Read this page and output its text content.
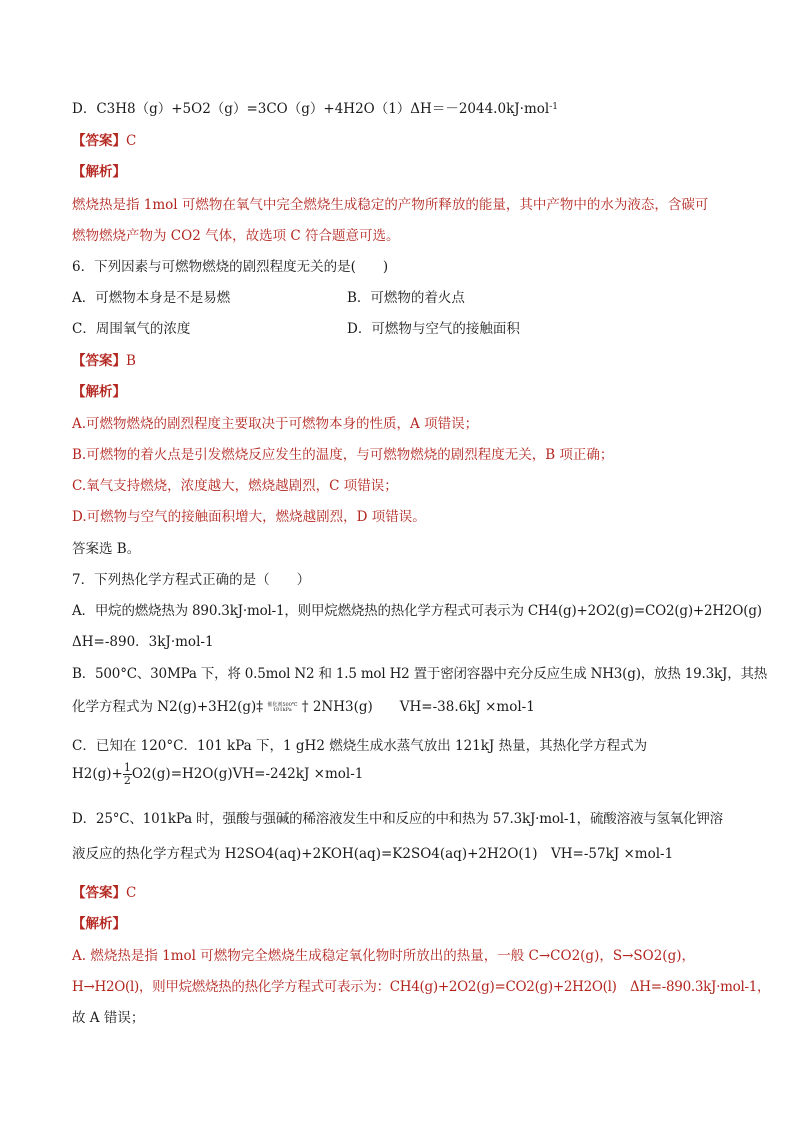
D．C3H8（g）+5O2（g）=3CO（g）+4H2O（1）ΔH＝－2044.0kJ·mol$^{-1}$
【答案】C
【解析】
燃烧热是指 1mol 可燃物在氧气中完全燃烧生成稳定的产物所释放的能量，其中产物中的水为液态，含碳可
燃物燃烧产物为 CO2 气体，故选项 C 符合题意可选。
6．下列因素与可燃物燃烧的剧烈程度无关的是(　　)
A．可燃物本身是不是易燃	B．可燃物的着火点
C．周围氧气的浓度	D．可燃物与空气的接触面积
【答案】B
【解析】
A.可燃物燃烧的剧烈程度主要取决于可燃物本身的性质，A 项错误；
B.可燃物的着火点是引发燃烧反应发生的温度，与可燃物燃烧的剧烈程度无关，B 项正确；
C.氧气支持燃烧，浓度越大，燃烧越剧烈，C 项错误；
D.可燃物与空气的接触面积增大，燃烧越剧烈，D 项错误。
答案选 B。
7．下列热化学方程式正确的是（　　）
A．甲烷的燃烧热为 890.3kJ·mol-1，则甲烷燃烧热的热化学方程式可表示为 CH4(g)+2O2(g)=CO2(g)+2H2O(g)
ΔH=-890．3kJ·mol-1
B．500°C、30MPa 下，将 0.5mol N2 和 1.5 mol H2 置于密闭容器中充分反应生成 NH3(g)，放热 19.3kJ，其热
化学方程式为 N2(g)+3H2(g)‡ 催化剂500℃
101kPa † 2NH3(g)　　VH=-38.6kJ ×mol-1
C．已知在 120°C．101 kPa 下，1 gH2 燃烧生成水蒸气放出 121kJ 热量，其热化学方程式为
$H2(g)+ \frac{1}{2} O2(g)=H2O(g)VH=-242kJ \times mol-1$
D．25°C、101kPa 时，强酸与强碱的稀溶液发生中和反应的中和热为 57.3kJ·mol-1，硫酸溶液与氢氧化钾溶
液反应的热化学方程式为 H2SO4(aq)+2KOH(aq)=K2SO4(aq)+2H2O(1)　VH=-57kJ ×mol-1
【答案】C
【解析】
A. 燃烧热是指 1mol 可燃物完全燃烧生成稳定氧化物时所放出的热量，一般 C→CO2(g)，S→SO2(g)，
H→H2O(l)，则甲烷燃烧热的热化学方程式可表示为：CH4(g)+2O2(g)=CO2(g)+2H2O(l)　ΔH=-890.3kJ·mol-1，
故 A 错误；
